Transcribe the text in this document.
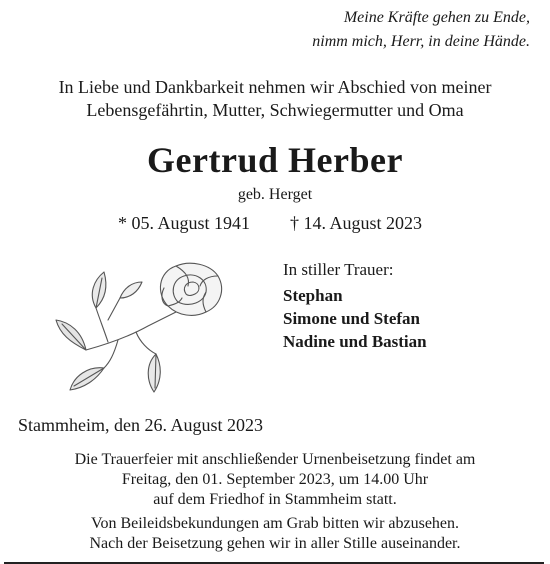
Meine Kräfte gehen zu Ende,
nimm mich, Herr, in deine Hände.
In Liebe und Dankbarkeit nehmen wir Abschied von meiner
Lebensgefährtin, Mutter, Schwiegermutter und Oma
Gertrud Herber
geb. Herget
* 05. August 1941 † 14. August 2023
In stiller Trauer:
Stephan
Simone und Stefan
Nadine und Bastian
Stammheim, den 26. August 2023
Die Trauerfeier mit anschließender Urnenbeisetzung findet am
Freitag, den 01. September 2023, um 14.00 Uhr
auf dem Friedhof in Stammheim statt.
Von Beileidsbekundungen am Grab bitten wir abzusehen.
Nach der Beisetzung gehen wir in aller Stille auseinander.
